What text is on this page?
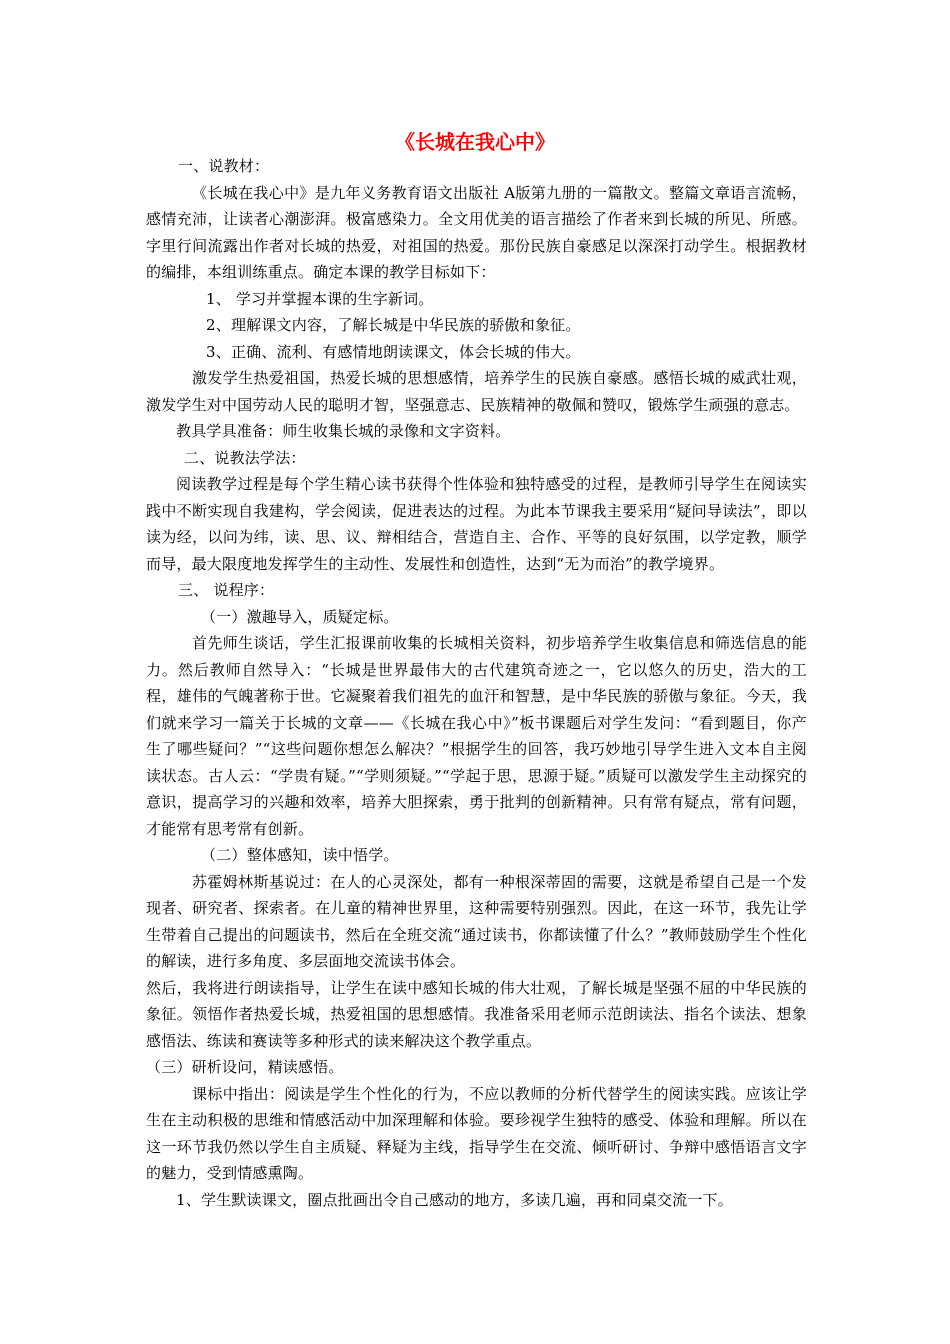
《长城在我心中》

一、说教材：

《长城在我心中》是九年义务教育语文出版社 A版第九册的一篇散文。整篇文章语言流畅，感情充沛，让读者心潮澎湃。极富感染力。全文用优美的语言描绘了作者来到长城的所见、所感。字里行间流露出作者对长城的热爱，对祖国的热爱。那份民族自豪感足以深深打动学生。根据教材的编排，本组训练重点。确定本课的教学目标如下：

1、 学习并掌握本课的生字新词。

2、理解课文内容，了解长城是中华民族的骄傲和象征。

3、正确、流利、有感情地朗读课文，体会长城的伟大。

激发学生热爱祖国，热爱长城的思想感情，培养学生的民族自豪感。感悟长城的威武壮观，激发学生对中国劳动人民的聪明才智，坚强意志、民族精神的敬佩和赞叹，锻炼学生顽强的意志。

教具学具准备：师生收集长城的录像和文字资料。

二、说教法学法：

阅读教学过程是每个学生精心读书获得个性体验和独特感受的过程，是教师引导学生在阅读实践中不断实现自我建构，学会阅读，促进表达的过程。为此本节课我主要采用“疑问导读法”，即以读为经，以问为纬，读、思、议、辩相结合，营造自主、合作、平等的良好氛围，以学定教，顺学而导，最大限度地发挥学生的主动性、发展性和创造性，达到“无为而治”的教学境界。

三、 说程序：

（一）激趣导入，质疑定标。

首先师生谈话，学生汇报课前收集的长城相关资料，初步培养学生收集信息和筛选信息的能力。然后教师自然导入：“长城是世界最伟大的古代建筑奇迹之一，它以悠久的历史，浩大的工程，雄伟的气魄著称于世。它凝聚着我们祖先的血汗和智慧，是中华民族的骄傲与象征。今天，我们就来学习一篇关于长城的文章——《长城在我心中》”板书课题后对学生发问：“看到题目，你产生了哪些疑问？”“这些问题你想怎么解决？”根据学生的回答，我巧妙地引导学生进入文本自主阅读状态。古人云：“学贵有疑。”“学则须疑。”“学起于思，思源于疑。”质疑可以激发学生主动探究的意识，提高学习的兴趣和效率，培养大胆探索，勇于批判的创新精神。只有常有疑点，常有问题，才能常有思考常有创新。

（二）整体感知，读中悟学。

苏霍姆林斯基说过：在人的心灵深处，都有一种根深蒂固的需要，这就是希望自己是一个发现者、研究者、探索者。在儿童的精神世界里，这种需要特别强烈。因此，在这一环节，我先让学生带着自己提出的问题读书，然后在全班交流“通过读书，你都读懂了什么？”教师鼓励学生个性化的解读，进行多角度、多层面地交流读书体会。

然后，我将进行朗读指导，让学生在读中感知长城的伟大壮观，了解长城是坚强不屈的中华民族的象征。领悟作者热爱长城，热爱祖国的思想感情。我准备采用老师示范朗读法、指名个读法、想象感悟法、练读和赛读等多种形式的读来解决这个教学重点。

（三）研析设问，精读感悟。

课标中指出：阅读是学生个性化的行为，不应以教师的分析代替学生的阅读实践。应该让学生在主动积极的思维和情感活动中加深理解和体验。要珍视学生独特的感受、体验和理解。所以在这一环节我仍然以学生自主质疑、释疑为主线，指导学生在交流、倾听研讨、争辩中感悟语言文字的魅力，受到情感熏陶。

1、学生默读课文，圈点批画出令自己感动的地方，多读几遍，再和同桌交流一下。
